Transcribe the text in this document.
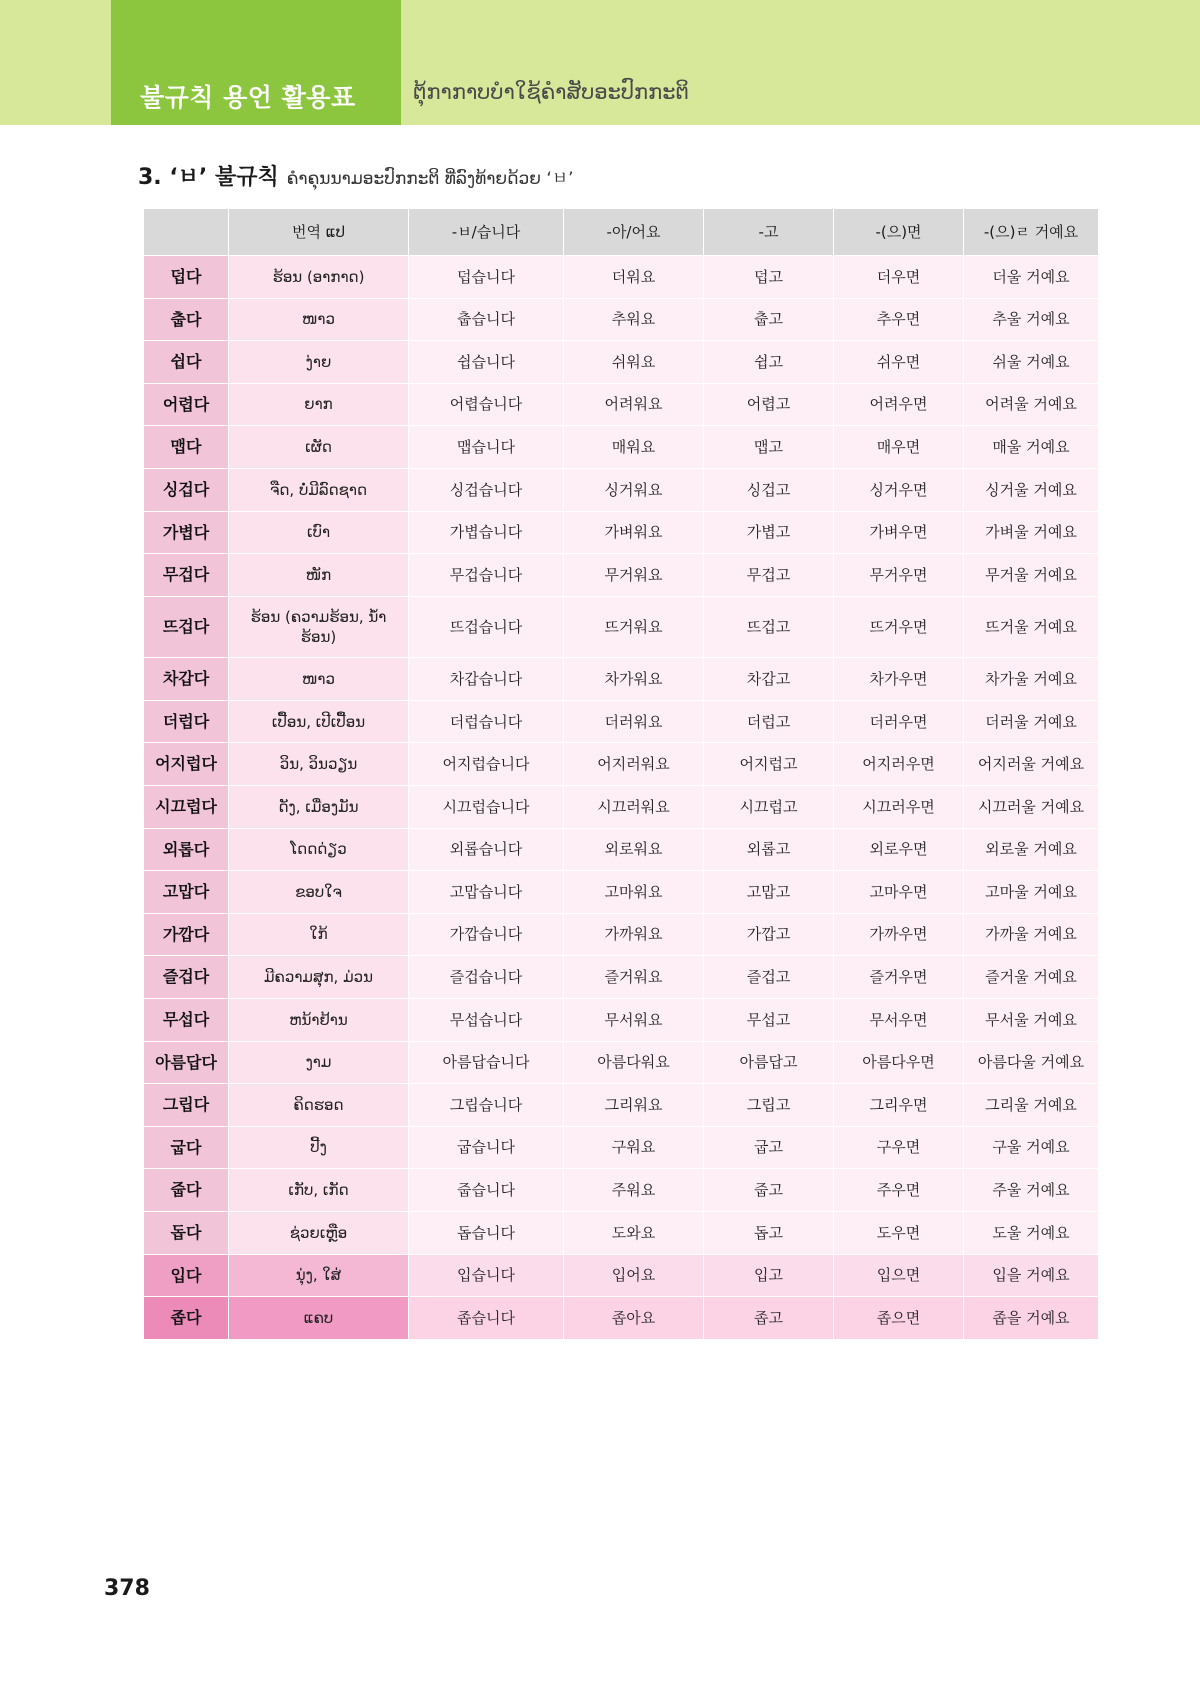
불규칙 용언 활용표	ຕຸ້ກາກາບບຳໃຊ້ຄຳສັບອະປົກກະຕິ
3. ‘ㅂ’ 불규칙 ຄຳຄຸນນາມອະປົກກະຕິ ທີ່ລົງທ້າຍດ້ວຍ ‘ㅂ’
	번역 ແປ	-ㅂ/습니다	-아/어요	-고	-(으)면	-(으)ㄹ 거예요
덥다	ຮ້ອນ (ອາກາດ)	덥습니다	더워요	덥고	더우면	더울 거예요
춥다	ໜາວ	춥습니다	추워요	춥고	추우면	추울 거예요
쉽다	ງ່າຍ	쉽습니다	쉬워요	쉽고	쉬우면	쉬울 거예요
어렵다	ຍາກ	어렵습니다	어려워요	어렵고	어려우면	어려울 거예요
맵다	ເຜັດ	맵습니다	매워요	맵고	매우면	매울 거예요
싱겁다	ຈືດ, ບໍ່ມີລົດຊາດ	싱겁습니다	싱거워요	싱겁고	싱거우면	싱거울 거예요
가볍다	ເບົາ	가볍습니다	가벼워요	가볍고	가벼우면	가벼울 거예요
무겁다	ໜັກ	무겁습니다	무거워요	무겁고	무거우면	무거울 거예요
뜨겁다	ຮ້ອນ (ຄວາມຮ້ອນ, ນ້ຳຮ້ອນ)	뜨겁습니다	뜨거워요	뜨겁고	뜨거우면	뜨거울 거예요
차갑다	ໜາວ	차갑습니다	차가워요	차갑고	차가우면	차가울 거예요
더럽다	ເປື້ອນ, ເປີເປື້ອນ	더럽습니다	더러워요	더럽고	더러우면	더러울 거예요
어지럽다	ວິນ, ວິນວຽນ	어지럽습니다	어지러워요	어지럽고	어지러우면	어지러울 거예요
시끄럽다	ດັງ, ເມື່ອງມັນ	시끄럽습니다	시끄러워요	시끄럽고	시끄러우면	시끄러울 거예요
외롭다	ໂດດດ່ຽວ	외롭습니다	외로워요	외롭고	외로우면	외로울 거예요
고맙다	ຂອບໃຈ	고맙습니다	고마워요	고맙고	고마우면	고마울 거예요
가깝다	ໃກ້	가깝습니다	가까워요	가깝고	가까우면	가까울 거예요
즐겁다	ມີຄວາມສຸກ, ມ່ວນ	즐겁습니다	즐거워요	즐겁고	즐거우면	즐거울 거예요
무섭다	ຫນ້າຢ້ານ	무섭습니다	무서워요	무섭고	무서우면	무서울 거예요
아름답다	ງາມ	아름답습니다	아름다워요	아름답고	아름다우면	아름다울 거예요
그립다	ຄິດຮອດ	그립습니다	그리워요	그립고	그리우면	그리울 거예요
굽다	ປີ້ງ	굽습니다	구워요	굽고	구우면	구울 거예요
줍다	ເກັບ, ເກັດ	줍습니다	주워요	줍고	주우면	주울 거예요
돕다	ຊ່ວຍເຫຼືອ	돕습니다	도와요	돕고	도우면	도울 거예요
입다	ນຸ່ງ, ໃສ່	입습니다	입어요	입고	입으면	입을 거예요
좁다	ແຄບ	좁습니다	좁아요	좁고	좁으면	좁을 거예요
378
